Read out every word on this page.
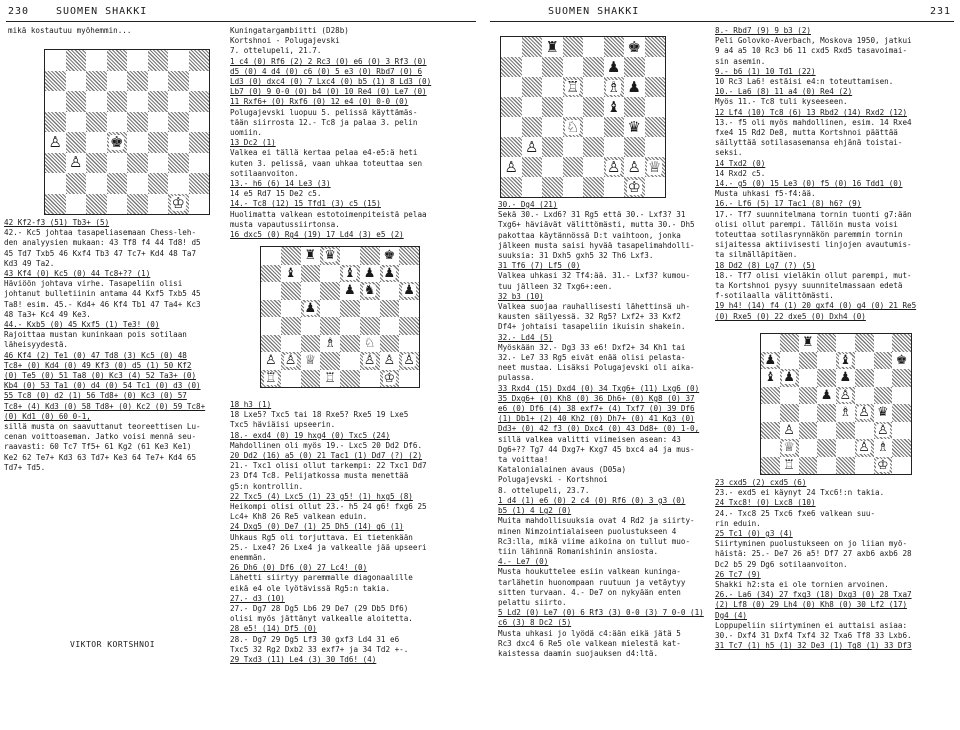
230	SUOMEN SHAKKI	SUOMEN SHAKKI	231
mikä kostautuu myöhemmin...
♙	♚
♙
♔
42 Kf2-f3 (51) Tb3+ (5)
42.- Kc5 johtaa tasapeliasemaan Chess-leh-
den analyysien mukaan: 43 Tf8 f4 44 Td8! d5
45 Td7 Txb5 46 Kxf4 Tb3 47 Tc7+ Kd4 48 Ta7
Kd3 49 Ta2.
43 Kf4 (0) Kc5 (0) 44 Tc8+?? (1)
Häviöön johtava virhe. Tasapeliin olisi
johtanut bulletiinin antama 44 Kxf5 Txb5 45
Ta8! esim. 45.- Kd4+ 46 Kf4 Tb1 47 Ta4+ Kc3
48 Ta3+ Kc4 49 Ke3.
44.- Kxb5 (0) 45 Kxf5 (1) Te3! (0)
Rajoittaa mustan kuninkaan pois sotilaan
läheisyydestä.
46 Kf4 (2) Te1 (0) 47 Td8 (3) Kc5 (0) 48
Tc8+ (0) Kd4 (0) 49 Kf3 (0) d5 (1) 50 Kf2
(0) Te5 (0) 51 Ta8 (0) Kc3 (4) 52 Ta3+ (0)
Kb4 (0) 53 Ta1 (0) d4 (0) 54 Tc1 (0) d3 (0)
55 Tc8 (0) d2 (1) 56 Td8+ (0) Kc3 (0) 57
Tc8+ (4) Kd3 (0) 58 Td8+ (0) Kc2 (0) 59 Tc8+
(0) Kd1 (0) 60 0-1,
sillä musta on saavuttanut teoreettisen Lu-
cenan voittoaseman. Jatko voisi mennä seu-
raavasti: 60 Tc7 Tf5+ 61 Kg2 (61 Ke3 Ke1)
Ke2 62 Te7+ Kd3 63 Td7+ Ke3 64 Te7+ Kd4 65
Td7+ Td5.
VIKTOR KORTSHNOI
Kuningatargambiitti (D28b)
Kortshnoi - Polugajevski
7. ottelupeli, 21.7.
1 c4 (0) Rf6 (2) 2 Rc3 (0) e6 (0) 3 Rf3 (0)
d5 (0) 4 d4 (0) c6 (0) 5 e3 (0) Rbd7 (0) 6
Ld3 (0) dxc4 (0) 7 Lxc4 (0) b5 (1) 8 Ld3 (0)
Lb7 (0) 9 0-0 (0) b4 (0) 10 Re4 (0) Le7 (0)
11 Rxf6+ (0) Rxf6 (0) 12 e4 (0) 0-0 (0)
Polugajevski luopuu 5. pelissä käyttämäs-
tään siirrosta 12.- Tc8 ja palaa 3. pelin
uomiin.
13 Dc2 (1)
Valkea ei tällä kertaa pelaa e4-e5:ä heti
kuten 3. pelissä, vaan uhkaa toteuttaa sen
sotilaanvoiton.
13.- h6 (6) 14 Le3 (3)
14 e5 Rd7 15 De2 c5.
14.- Tc8 (12) 15 Tfd1 (3) c5 (15)
Huolimatta valkean estotoimenpiteistä pelaa
musta vapautussiirtonsa.
16 dxc5 (0) Rg4 (19) 17 Ld4 (3) e5 (2)
♜ ♛	♚
♝	♝ ♟ ♟
♟ ♞ ♟
♟
♗ ♘
♙ ♙ ♕	♙ ♙ ♙
♖	♖	♔
18 h3 (1)
18 Lxe5? Txc5 tai 18 Rxe5? Rxe5 19 Lxe5
Txc5 häviäisi upseerin.
18.- exd4 (0) 19 hxg4 (0) Txc5 (24)
Mahdollinen oli myös 19.- Lxc5 20 Dd2 Df6.
20 Dd2 (16) a5 (0) 21 Tac1 (1) Dd7 (?) (2)
21.- Txc1 olisi ollut tarkempi: 22 Txc1 Dd7
23 Df4 Tc8. Pelijatkossa musta menettää
g5:n kontrollin.
22 Txc5 (4) Lxc5 (1) 23 g5! (1) hxg5 (8)
Heikompi olisi ollut 23.- h5 24 g6! fxg6 25
Lc4+ Kh8 26 Re5 valkean eduin.
24 Dxg5 (0) De7 (1) 25 Dh5 (14) g6 (1)
Uhkaus Rg5 oli torjuttava. Ei tietenkään
25.- Lxe4? 26 Lxe4 ja valkealle jää upseeri
enemmän.
26 Dh6 (0) Df6 (0) 27 Lc4! (0)
Lähetti siirtyy paremmalle diagonaalille
eikä e4 ole lyötävissä Rg5:n takia.
27.- d3 (10)
27.- Dg7 28 Dg5 Lb6 29 De7 (29 Db5 Df6)
olisi myös jättänyt valkealle aloitetta.
28 e5! (14) Df5 (0)
28.- Dg7 29 Dg5 Lf3 30 gxf3 Ld4 31 e6
Txc5 32 Rg2 Dxb2 33 exf7+ ja 34 Td2 +-.
29 Txd3 (11) Le4 (3) 30 Td6! (4)
♜	♚
♟
♖ ♗ ♟
♝
♘	♛
♙
♙	♙ ♙ ♕
♔
30.- Dg4 (21)
Sekä 30.- Lxd6? 31 Rg5 että 30.- Lxf3? 31
Txg6+ häviävät välittömästi, mutta 30.- Dh5
pakottaa käytännössä D:t vaihtoon, jonka
jälkeen musta saisi hyvää tasapelimahdolli-
suuksia: 31 Dxh5 gxh5 32 Th6 Lxf3.
31 Tf6 (7) Lf5 (0)
Valkea uhkasi 32 Tf4:ää. 31.- Lxf3? kumou-
tuu jälleen 32 Txg6+:een.
32 b3 (10)
Valkea suojaa rauhallisesti lähettinsä uh-
kausten säilyessä. 32 Rg5? Lxf2+ 33 Kxf2
Df4+ johtaisi tasapeliin ikuisin shakein.
32.- Ld4 (5)
Myöskään 32.- Dg3 33 e6! Dxf2+ 34 Kh1 tai
32.- Le7 33 Rg5 eivät enää olisi pelasta-
neet mustaa. Lisäksi Polugajevski oli aika-
pulassa.
33 Rxd4 (15) Dxd4 (0) 34 Txg6+ (11) Lxg6 (0)
35 Dxg6+ (0) Kh8 (0) 36 Dh6+ (0) Kg8 (0) 37
e6 (0) Df6 (4) 38 exf7+ (4) Txf7 (0) 39 Df6
(1) Db1+ (2) 40 Kh2 (0) Dh7+ (0) 41 Kg3 (0)
Dd3+ (0) 42 f3 (0) Dxc4 (0) 43 Dd8+ (0) 1-0,
sillä valkea valitti viimeisen asean: 43
Dg6+?? Tg7 44 Dxg7+ Kxg7 45 bxc4 a4 ja mus-
ta voittaa!
Katalonialainen avaus (D05a)
Polugajevski - Kortshnoi
8. ottelupeli, 23.7.
1 d4 (1) e6 (0) 2 c4 (0) Rf6 (0) 3 g3 (0)
b5 (1) 4 Lg2 (0)
Muita mahdollisuuksia ovat 4 Rd2 ja siirty-
minen Nimzointialaiseen puolustukseen 4
Rc3:lla, mikä viime aikoina on tullut muo-
tiin lähinnä Romanishinin ansiosta.
4.- Le7 (0)
Musta houkuttelee esiin valkean kuninga-
tarlähetin huonompaan ruutuun ja vetäytyy
sitten turvaan. 4.- De7 on nykyään enten
pelattu siirto.
5 Ld2 (0) Le7 (0) 6 Rf3 (3) 0-0 (3) 7 0-0 (1)
c6 (3) 8 Dc2 (5)
Musta uhkasi jo lyödä c4:ään eikä jätä 5
Rc3 dxc4 6 Re5 ole valkean mielestä kat-
kaistessa daamin suojauksen d4:ltä.
8.- Rbd7 (9) 9 b3 (2)
Peli Golovko-Averbach, Moskova 1950, jatkui
9 a4 a5 10 Rc3 b6 11 cxd5 Rxd5 tasavoimai-
sin asemin.
9.- b6 (1) 10 Td1 (22)
10 Rc3 La6! estäisi e4:n toteuttamisen.
10.- La6 (8) 11 a4 (0) Re4 (2)
Myös 11.- Tc8 tuli kyseeseen.
12 Lf4 (10) Tc8 (6) 13 Rbd2 (14) Rxd2 (12)
13.- f5 oli myös mahdollinen, esim. 14 Rxe4
fxe4 15 Rd2 De8, mutta Kortshnoi päättää
säilyttää sotilasasemansa ehjänä toistai-
seksi.
14 Txd2 (0)
14 Rxd2 c5.
14.- g5 (0) 15 Le3 (0) f5 (0) 16 Tdd1 (0)
Musta uhkasi f5-f4:ää.
16.- Lf6 (5) 17 Tac1 (8) h6? (9)
17.- Tf7 suunnitelmana tornin tuonti g7:ään
olisi ollut parempi. Tällöin musta voisi
toteuttaa sotilasrynnäkön paremmin tornin
sijaitessa aktiivisesti linjojen avautumis-
ta silmälläpitäen.
18 Dd2 (8) Lg7 (?) (5)
18.- Tf7 olisi vieläkin ollut parempi, mut-
ta Kortshnoi pysyy suunnitelmassaan edetä
f-sotilaalla välittömästi.
19 h4! (14) f4 (1) 20 gxf4 (0) g4 (0) 21 Re5
(0) Rxe5 (0) 22 dxe5 (0) Dxh4 (0)
♜
♟	♝	♚
♝ ♟	♟
♟ ♙
♗ ♙ ♛
♙	♙
♕	♙ ♗
♖	♔
23 cxd5 (2) cxd5 (6)
23.- exd5 ei käynyt 24 Txc6!:n takia.
24 Txc8! (0) Lxc8 (10)
24.- Txc8 25 Txc6 fxe6 valkean suu-
rin eduin.
25 Tc1 (0) g3 (4)
Siirtyminen puolustukseen on jo liian myö-
häistä: 25.- De7 26 a5! Df7 27 axb6 axb6 28
Dc2 b5 29 Dg6 sotilaanvoiton.
26 Tc7 (9)
Shakki h2:sta ei ole tornien arvoinen.
26.- La6 (34) 27 fxg3 (18) Dxg3 (0) 28 Txa7
(2) Lf8 (0) 29 Lh4 (0) Kh8 (0) 30 Lf2 (17)
Dg4 (4)
Loppupeliin siirtyminen ei auttaisi asiaa:
30.- Dxf4 31 Dxf4 Txf4 32 Txa6 Tf8 33 Lxb6.
31 Tc7 (1) h5 (1) 32 De3 (1) Tg8 (1) 33 Df3
